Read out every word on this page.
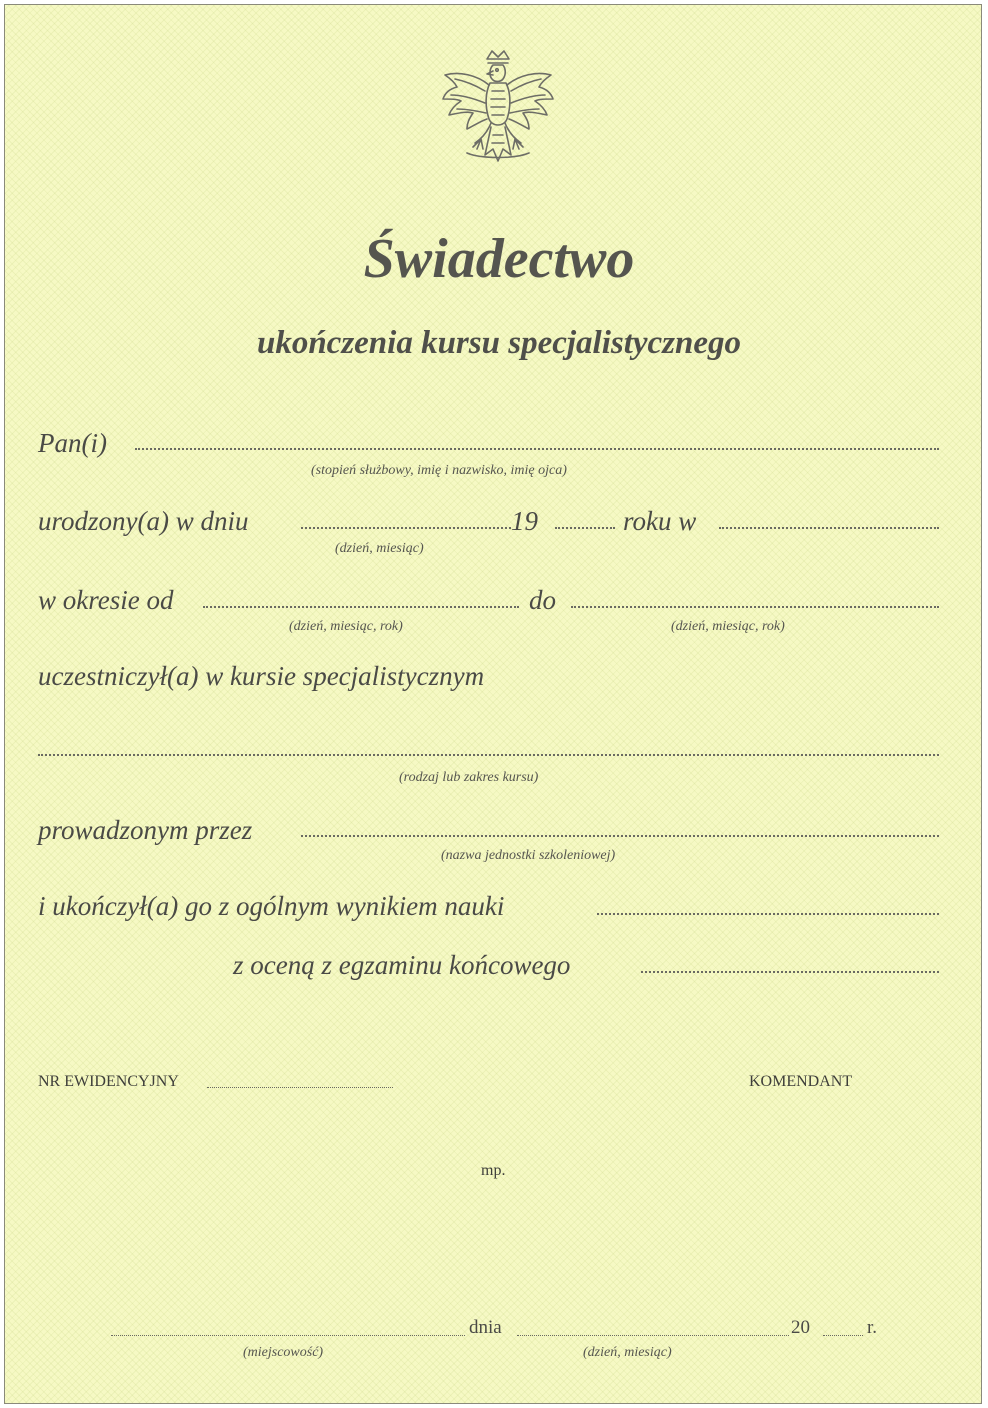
Świadectwo
ukończenia kursu specjalistycznego
Pan(i)
(stopień służbowy, imię i nazwisko, imię ojca)
urodzony(a) w dniu	19	roku w
(dzień, miesiąc)
w okresie od	do
(dzień, miesiąc, rok)	(dzień, miesiąc, rok)
uczestniczył(a) w kursie specjalistycznym
(rodzaj lub zakres kursu)
prowadzonym przez
(nazwa jednostki szkoleniowej)
i ukończył(a) go z ogólnym wynikiem nauki
z oceną z egzaminu końcowego
NR EWIDENCYJNY	KOMENDANT
mp.
dnia	20	r.
(miejscowość)	(dzień, miesiąc)
